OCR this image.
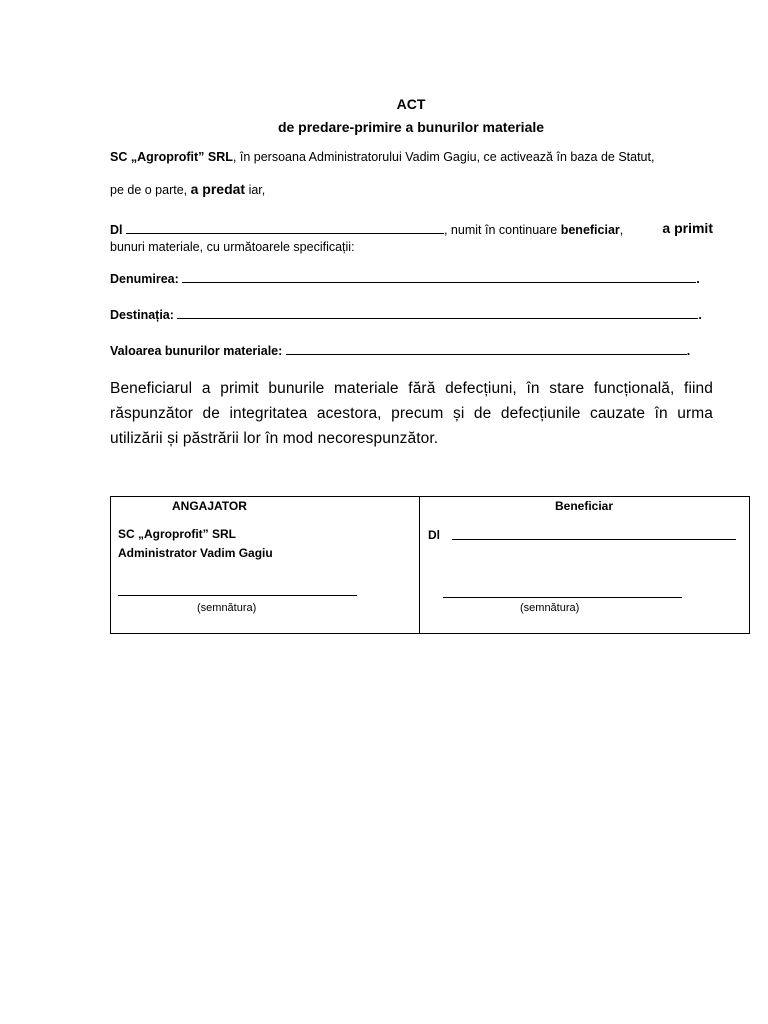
ACT
de predare-primire a bunurilor materiale
SC „Agroprofit” SRL, în persoana Administratorului Vadim Gagiu, ce activează în baza de Statut,
pe de o parte, a predat iar,
Dl	, numit în continuare beneficiar,	a primit
bunuri materiale, cu următoarele specificații:
Denumirea:	.
Destinația:	.
Valoarea bunurilor materiale:	.
Beneficiarul a primit bunurile materiale fără defecțiuni, în stare funcțională, fiind răspunzător de integritatea acestora, precum și de defecțiunile cauzate în urma utilizării și păstrării lor în mod necorespunzător.
ANGAJATOR
SC „Agroprofit” SRL
Administrator Vadim Gagiu
(semnătura)

Beneficiar
Dl
(semnătura)
